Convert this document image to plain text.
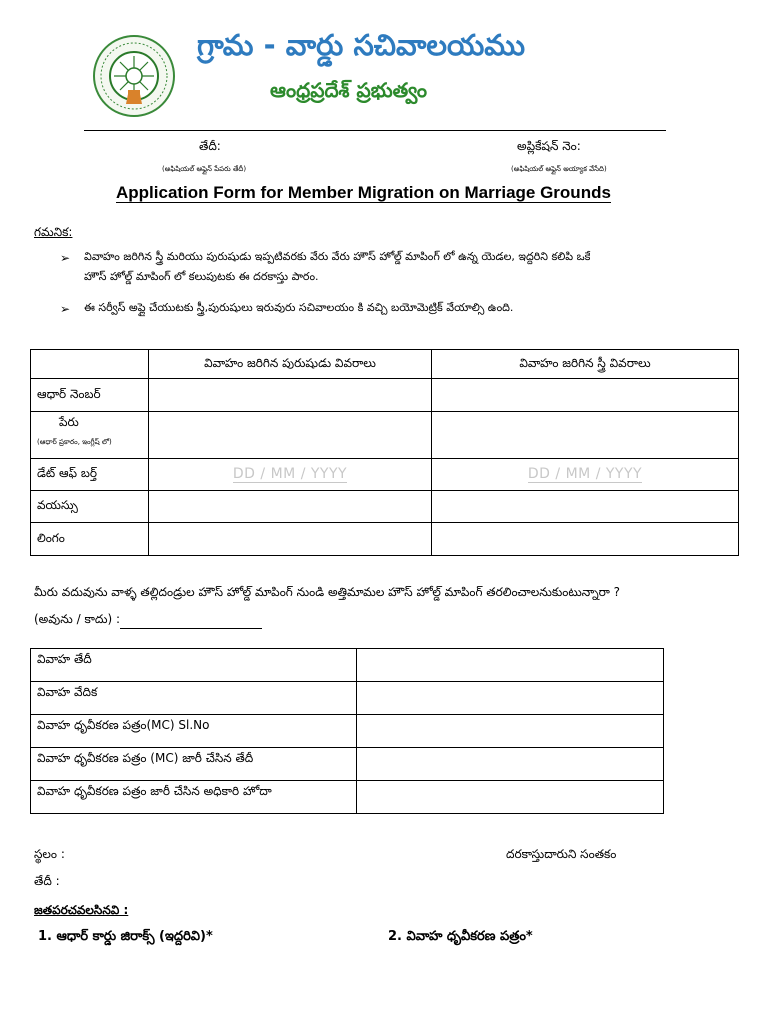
గ్రామ - వార్డు సచివాలయము
ఆంధ్రప్రదేశ్ ప్రభుత్వం
తేదీ:
(అఫిషియల్ ఆఫ్లైన్ పేపరు తేదీ)
అప్లికేషన్ నెం:
(అఫిషియల్ ఆఫ్లైన్ అయ్యాక వేసేది)
Application Form for Member Migration on Marriage Grounds
గమనిక:
➢ వివాహం జరిగిన స్త్రీ మరియు పురుషుడు ఇప్పటివరకు వేరు వేరు హౌస్ హోల్డ్ మాపింగ్ లో ఉన్న యెడల, ఇద్దరిని కలిపి ఒకే
హౌస్ హోల్డ్ మాపింగ్ లో కలుపుటకు ఈ దరకాస్తు పారం.
➢ ఈ సర్వీస్ అప్లై చేయుటకు స్త్రీ,పురుషులు ఇరువురు సచివాలయం కి వచ్చి బయోమెట్రిక్ వేయాల్సి ఉంది.
	వివాహం జరిగిన పురుషుడు వివరాలు	వివాహం జరిగిన స్త్రీ వివరాలు
ఆధార్ నెంబర్		

పేరు
(ఆధార్ ప్రకారం, ఇంగ్లీష్ లో)		

డేట్ ఆఫ్ బర్త్	DD / MM / YYYY	DD / MM / YYYY
వయస్సు		
లింగం		
మీరు వదువును వాళ్ళ తల్లిదండ్రుల హౌస్ హోల్డ్ మాపింగ్ నుండి అత్తిమామల హౌస్ హోల్డ్ మాపింగ్ తరలించాలనుకుంటున్నారా ?
(అవును / కాదు) :
వివాహ తేదీ	
వివాహ వేదిక	
వివాహ ధృవీకరణ పత్రం(MC) Sl.No	
వివాహ ధృవీకరణ పత్రం (MC) జారీ చేసిన తేదీ	
వివాహ ధృవీకరణ పత్రం జారీ చేసిన అధికారి హోదా	
స్థలం :	దరకాస్తుదారుని సంతకం
తేదీ :
జతపరచవలసినవి :
1. ఆధార్ కార్డు జిరాక్స్ (ఇద్దరివి)*	2. వివాహ ధృవీకరణ పత్రం*
